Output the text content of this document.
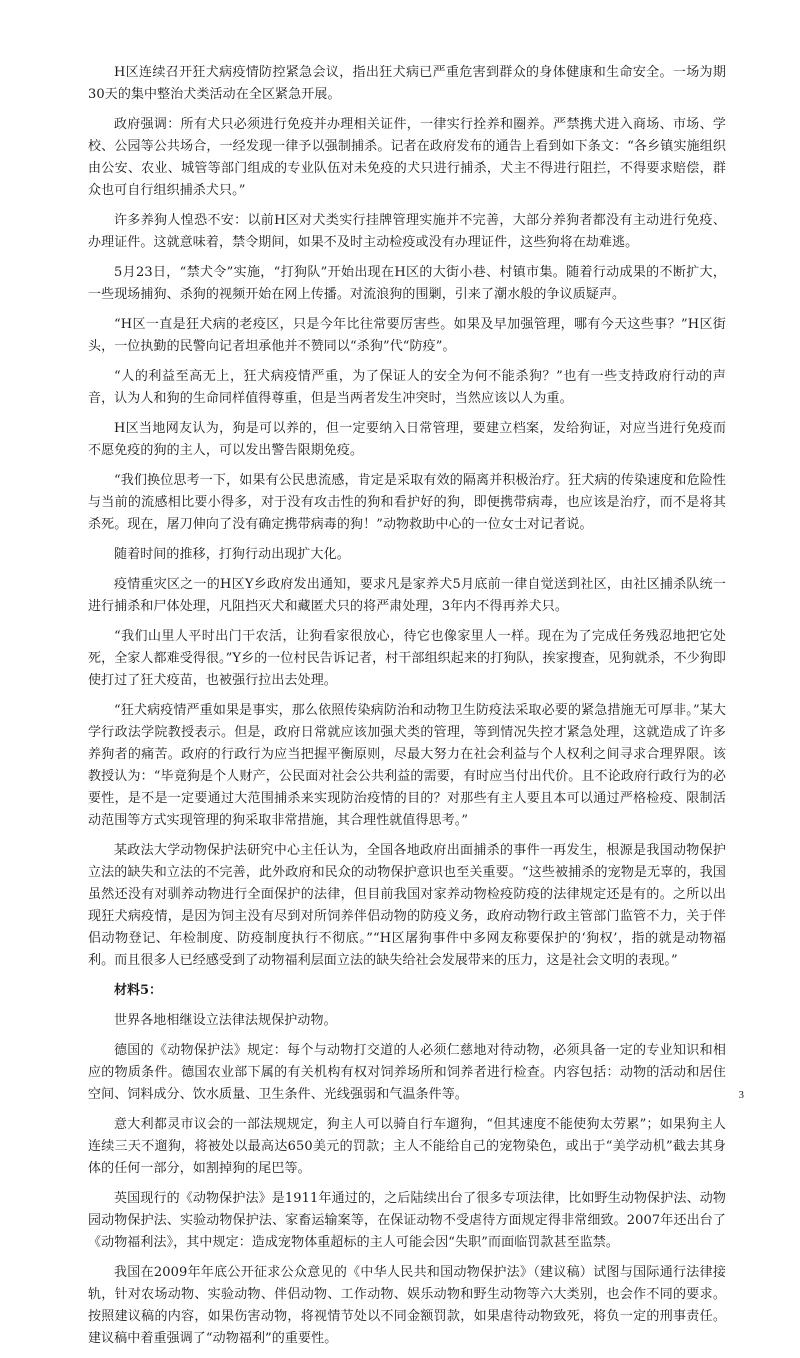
H区连续召开狂犬病疫情防控紧急会议，指出狂犬病已严重危害到群众的身体健康和生命安全。一场为期30天的集中整治犬类活动在全区紧急开展。

政府强调：所有犬只必须进行免疫并办理相关证件，一律实行拴养和圈养。严禁携犬进入商场、市场、学校、公园等公共场合，一经发现一律予以强制捕杀。记者在政府发布的通告上看到如下条文：“各乡镇实施组织由公安、农业、城管等部门组成的专业队伍对未免疫的犬只进行捕杀，犬主不得进行阻拦，不得要求赔偿，群众也可自行组织捕杀犬只。”

许多养狗人惶恐不安：以前H区对犬类实行挂牌管理实施并不完善，大部分养狗者都没有主动进行免疫、办理证件。这就意味着，禁令期间，如果不及时主动检疫或没有办理证件，这些狗将在劫难逃。

5月23日，“禁犬令”实施，“打狗队”开始出现在H区的大街小巷、村镇市集。随着行动成果的不断扩大，一些现场捕狗、杀狗的视频开始在网上传播。对流浪狗的围剿，引来了潮水般的争议质疑声。

“H区一直是狂犬病的老疫区，只是今年比往常要厉害些。如果及早加强管理，哪有今天这些事？”H区街头，一位执勤的民警向记者坦承他并不赞同以“杀狗”代“防疫”。

“人的利益至高无上，狂犬病疫情严重，为了保证人的安全为何不能杀狗？”也有一些支持政府行动的声音，认为人和狗的生命同样值得尊重，但是当两者发生冲突时，当然应该以人为重。

H区当地网友认为，狗是可以养的，但一定要纳入日常管理，要建立档案，发给狗证，对应当进行免疫而不愿免疫的狗的主人，可以发出警告限期免疫。

“我们换位思考一下，如果有公民患流感，肯定是采取有效的隔离并积极治疗。狂犬病的传染速度和危险性与当前的流感相比要小得多，对于没有攻击性的狗和看护好的狗，即便携带病毒，也应该是治疗，而不是将其杀死。现在，屠刀伸向了没有确定携带病毒的狗！”动物救助中心的一位女士对记者说。

随着时间的推移，打狗行动出现扩大化。

疫情重灾区之一的H区Y乡政府发出通知，要求凡是家养犬5月底前一律自觉送到社区，由社区捕杀队统一进行捕杀和尸体处理，凡阻挡灭犬和藏匿犬只的将严肃处理，3年内不得再养犬只。

“我们山里人平时出门干农活，让狗看家很放心，待它也像家里人一样。现在为了完成任务残忍地把它处死，全家人都难受得很。”Y乡的一位村民告诉记者，村干部组织起来的打狗队，挨家搜查，见狗就杀，不少狗即使打过了狂犬疫苗，也被强行拉出去处理。

“狂犬病疫情严重如果是事实，那么依照传染病防治和动物卫生防疫法采取必要的紧急措施无可厚非。”某大学行政法学院教授表示。但是，政府日常就应该加强犬类的管理，等到情况失控才紧急处理，这就造成了许多养狗者的痛苦。政府的行政行为应当把握平衡原则，尽最大努力在社会利益与个人权利之间寻求合理界限。该教授认为：“毕竟狗是个人财产，公民面对社会公共利益的需要，有时应当付出代价。且不论政府行政行为的必要性，是不是一定要通过大范围捕杀来实现防治疫情的目的？对那些有主人要且本可以通过严格检疫、限制活动范围等方式实现管理的狗采取非常措施，其合理性就值得思考。”

某政法大学动物保护法研究中心主任认为，全国各地政府出面捕杀的事件一再发生，根源是我国动物保护立法的缺失和立法的不完善，此外政府和民众的动物保护意识也至关重要。“这些被捕杀的宠物是无辜的，我国虽然还没有对驯养动物进行全面保护的法律，但目前我国对家养动物检疫防疫的法律规定还是有的。之所以出现狂犬病疫情，是因为饲主没有尽到对所饲养伴侣动物的防疫义务，政府动物行政主管部门监管不力，关于伴侣动物登记、年检制度、防疫制度执行不彻底。”“H区屠狗事件中多网友称要保护的‘狗权’，指的就是动物福利。而且很多人已经感受到了动物福利层面立法的缺失给社会发展带来的压力，这是社会文明的表现。”

材料5：

世界各地相继设立法律法规保护动物。

德国的《动物保护法》规定：每个与动物打交道的人必须仁慈地对待动物，必须具备一定的专业知识和相应的物质条件。德国农业部下属的有关机构有权对饲养场所和饲养者进行检查。内容包括：动物的活动和居住空间、饲料成分、饮水质量、卫生条件、光线强弱和气温条件等。

意大利都灵市议会的一部法规规定，狗主人可以骑自行车遛狗，“但其速度不能使狗太劳累”；如果狗主人连续三天不遛狗，将被处以最高达650美元的罚款；主人不能给自己的宠物染色，或出于“美学动机”截去其身体的任何一部分，如割掉狗的尾巴等。

英国现行的《动物保护法》是1911年通过的，之后陆续出台了很多专项法律，比如野生动物保护法、动物园动物保护法、实验动物保护法、家畜运输案等，在保证动物不受虐待方面规定得非常细致。2007年还出台了《动物福利法》，其中规定：造成宠物体重超标的主人可能会因“失职”而面临罚款甚至监禁。

我国在2009年年底公开征求公众意见的《中华人民共和国动物保护法》（建议稿）试图与国际通行法律接轨，针对农场动物、实验动物、伴侣动物、工作动物、娱乐动物和野生动物等六大类别，也会作不同的要求。按照建议稿的内容，如果伤害动物，将视情节处以不同金额罚款，如果虐待动物致死，将负一定的刑事责任。建议稿中着重强调了“动物福利”的重要性。

3
